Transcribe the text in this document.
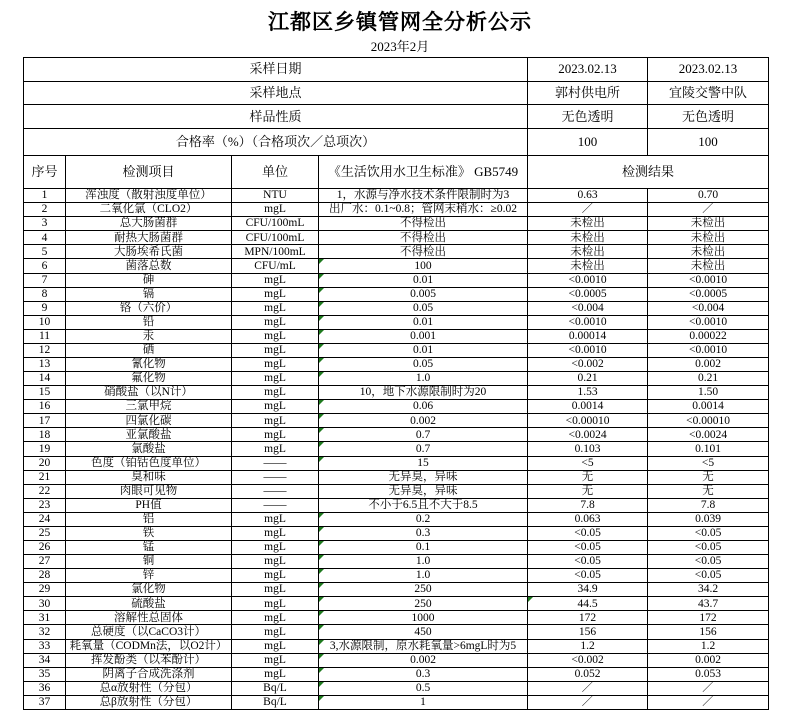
江都区乡镇管网全分析公示
2023年2月
采样日期				2023.02.13	2023.02.13
采样地点				郭村供电所	宜陵交警中队
样品性质				无色透明	无色透明
合格率（%）（合格项次／总项次）				100	100
序号	检测项目	单位	《生活饮用水卫生标准》 GB5749	检测结果	
1	浑浊度（散射浊度单位）	NTU	1，水源与净水技术条件限制时为3	0.63	0.70
2	二氧化氯（CLO2）	mgL	出厂水：0.1~0.8；管网末稍水：≥0.02	／	／
3	总大肠菌群	CFU/100mL	不得检出	未检出	未检出
4	耐热大肠菌群	CFU/100mL	不得检出	未检出	未检出
5	大肠埃希氏菌	MPN/100mL	不得检出	未检出	未检出
6	菌落总数	CFU/mL	100	未检出	未检出
7	砷	mgL	0.01	<0.0010	<0.0010
8	镉	mgL	0.005	<0.0005	<0.0005
9	铬（六价）	mgL	0.05	<0.004	<0.004
10	铅	mgL	0.01	<0.0010	<0.0010
11	汞	mgL	0.001	0.00014	0.00022
12	硒	mgL	0.01	<0.0010	<0.0010
13	氰化物	mgL	0.05	<0.002	0.002
14	氟化物	mgL	1.0	0.21	0.21
15	硝酸盐（以N计）	mgL	10，地下水源限制时为20	1.53	1.50
16	三氯甲烷	mgL	0.06	0.0014	0.0014
17	四氯化碳	mgL	0.002	<0.00010	<0.00010
18	亚氯酸盐	mgL	0.7	<0.0024	<0.0024
19	氯酸盐	mgL	0.7	0.103	0.101
20	色度（铂钴色度单位）	——	15	<5	<5
21	臭和味	——	无异臭，异味	无	无
22	肉眼可见物	——	无异臭，异味	无	无
23	PH值	——	不小于6.5且不大于8.5	7.8	7.8
24	铝	mgL	0.2	0.063	0.039
25	铁	mgL	0.3	<0.05	<0.05
26	锰	mgL	0.1	<0.05	<0.05
27	铜	mgL	1.0	<0.05	<0.05
28	锌	mgL	1.0	<0.05	<0.05
29	氯化物	mgL	250	34.9	34.2
30	硫酸盐	mgL	250	44.5	43.7
31	溶解性总固体	mgL	1000	172	172
32	总硬度（以CaCO3计）	mgL	450	156	156
33	耗氧量（CODMn法，以O2计）	mgL	3,水源限制，原水耗氧量>6mgL时为5	1.2	1.2
34	挥发酚类（以苯酚计）	mgL	0.002	<0.002	0.002
35	阴离子合成洗涤剂	mgL	0.3	0.052	0.053
36	总α放射性（分包）	Bq/L	0.5	／	／
37	总β放射性（分包）	Bq/L	1	／	／
